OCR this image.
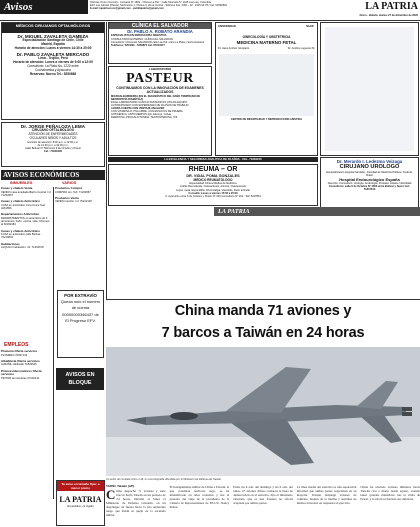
Avisos	Oficinas Oruro (Central) - Contacto Nº 1802 - Oficina La Paz : Calle Mercado Nº 1425 casi esq. Colombia,
Edif. Las Glorias (Planta), Mezzanine 1, Oficina 3, Zona Central - Teléfono Fax: 2361 - 22 - 2315 99 78 / Cel: 60362802
E-mail: lapatriaoruro@gmail.com - publilapatria@gmail.com	LA PATRIA
Oruro - Bolivia, martes 27 de diciembre de 2022
MÉDICOS CIRUJANOS OFTALMÓLOGOS
Dr. MIGUEL ZAVALETA GAMEZA
Especialización Santiago de Chile, Chile
Madrid, España
Horario de atención: Lunes a viernes 14:30 a 20:00
Dr. PABLO ZAVALETA MERCADO
Lima - Trujillo, Perú
Horario de atención: Lunes a viernes de 9:00 a 12:00
Consultorio: La Plata No. 1220 entre
Cochabamba y Ayacucho
Reservas: Nuevo Tel.: 5250668
Dr. JORGE PEÑALOZA LEMA
CIRUJANO OFTALMÓLOGO
ATENCIÓN DE ENFERMEDADES
OCULARES NIÑOS Y ADULTOS
Horarios de atención: 8:00 a.m. a 12:00 p.m.
de 14:30 p.m. a 19:00 p.m.
Calle Bolívar Nº 560 entre 6 de Octubre y Potosí
Cel.: 71848100
AVISOS ECONÓMICOS
INMUEBLES	VARIOS
Casas y chalets Venta
VENDO casa ampliada Barrio Central. Inf. 71234967
Casas y chalets Anticrético
CASA en anticrético zona Cruce Sud. 4261896
Departamentos Anticrético
DEPARTAMENTOS en anticrético de 3 dormitorios, baño, cocina, sala. Informes al 60392184
Casas y chalets Anticrético
CASA en anticrético calle Bolívar. 70210843
Habitaciones
ALQUILO habitación. Inf. 71254678
Productos Compra
COMPRO oro. Telf. 71234567
Productos Venta
VENDO camión. Inf. 70212145
POR EXTRAVÍO
Queda nulo el número de cuenta 00000000346437 de El Progreso EFV.
EMPLEOS
Plomería Oferta servicios
PLOMERO 70097143
Albañilería Oferta servicios
ALBAÑIL calificado 71829546
Pintores/decoradores Oferta servicios
PINTOR de interiores 67202131
AVISOS EN BLOQUE
Tu aviso en tamaño flyer, a menor precio
LA PATRIA
El periódico, mi orgullo
CLÍNICA EL SALVADOR
Dr. PABLO A. ROBATO ARANDIA
ESPECIALISTA EN ENDOSCOPÍA DIGESTIVA
CONSULTORIO EXTERNO: CLÍNICA EL SALVADOR
Consultorio: Clínica EL SALVADOR calle Las Pal. entre La Plata y Soria Galvarro
Teléfonos: 5254291 - 5259874 Cel. 67243477
LABORATORIO
PASTEUR
CONTINUAMOS CON LA INNOVACIÓN DE EXAMENES ACTUALIZADOS
MICROALBUMINURIA (EN EL DIAGNÓSTICO DEL DAÑO TEMPRANO DE NEFROPATÍA DIABÉTICA)
EN EL LABORATORIO CLÍNICO PASTEUR NO UTILIZA EQUIPO
AUTOMATIZADO CON EXPERIENCIA DE 36 AÑOS DE TRABAJO
AHORA CUENTA CON VENTAJE ANALIZER
CON VITAMINA D, PSA LIBRE, CON ENSAYOS DE PRUEBA
ANTIGÉNICA, ANTICUERPOS IgG, Elecsys, Cobas
FERRITINA, PROCALCITONINA, TESTOSTERONA, TNI
LA EXCELENCIA Y SEGURIDAD ANALÍTICA DE 36 AÑOS - CEL. 71802240
RHEUMA – OR
DR. VIDAL POMA GONZALES
MÉDICO REUMATÓLOGO
Especialidad Clínica Médica de Medicina
Artritis Reumatoide, Osteoartrosis, Artrosis, Osteoporosis
Lupus, Gota, Espondilitis, Fibromialgia, Vasculitis, Dolor articular
Consulta: Lunes a viernes 15:00 a 20:00
C. Ayacucho entre 6 de Octubre y Potosí Nº 446 Consultorio Nº 104 - Telf: 5240551
UNIVERSIDAD	NACIF
GINECOLOGÍA Y OBSTETRICIA
MEDICINA MATERNO FETAL
Dr. Hans Anchez Gimpiarlo	Dr. Andrés Logueros M.
CENTRO DE INFERTILIDAD Y REPRODUCCIÓN ASISTIDA
Dr. Merardo I. Ledezma Veizaga
CIRUJANO UROLOGO
Especialización Hospital Santaña - Facultad de Medicina Pública / Federal, Brasil
Hospital Endourológico España
Atención: Consultorio: Urología, Andrología, Próstata, Litiasis, Infertilidad
Consultorio: calle 6 de Octubre Nº 4500 entre Bolívar y Sucre Cel.: 71847613
LA PATRIA
China manda 71 aviones y
7 barcos a Taiwán en 24 horas
Un avión de combate chino J-16, en una fotografía difundida por el Ministerio de Defensa de Taiwán.
TAIPÉI, Taiwán (AP).
China despachó 71 aviones y siete barcos hacia Taiwán en un período de 24 horas, informó el lunes el Ministerio de Defensa taiwanés, en un despliegue de fuerza hacia la isla autónoma luego que Pekín se quejó de la escalada militar.
El hostigamiento militar de China a Taiwán, al que considera territorio suyo, se ha intensificado en años recientes y fue el pretexto del viaje de la presidenta de la Cámara de Representantes de EE.UU. Nancy Pelosi.
Entre las 6 a.m. del domingo y las 6 a.m. del lunes, 47 aviones chinos cruzaron la línea de demarcación en el estrecho, dijo el ministerio taiwanés, que es una frontera no oficial aceptada por ambas partes.
La línea media del estrecho es una separación informal que ambas partes respetaban en su mayoría. Taiwán desplegó aviones de combate, buques de la marina y sistemas de misiles terrestres en respuesta al ejercicio.
China ha enviado aviones militares hacia Taiwán casi a diario desde agosto, cuando lanzó grandes maniobras tras la visita de Pelosi, y la isla ha reforzado sus defensas.
